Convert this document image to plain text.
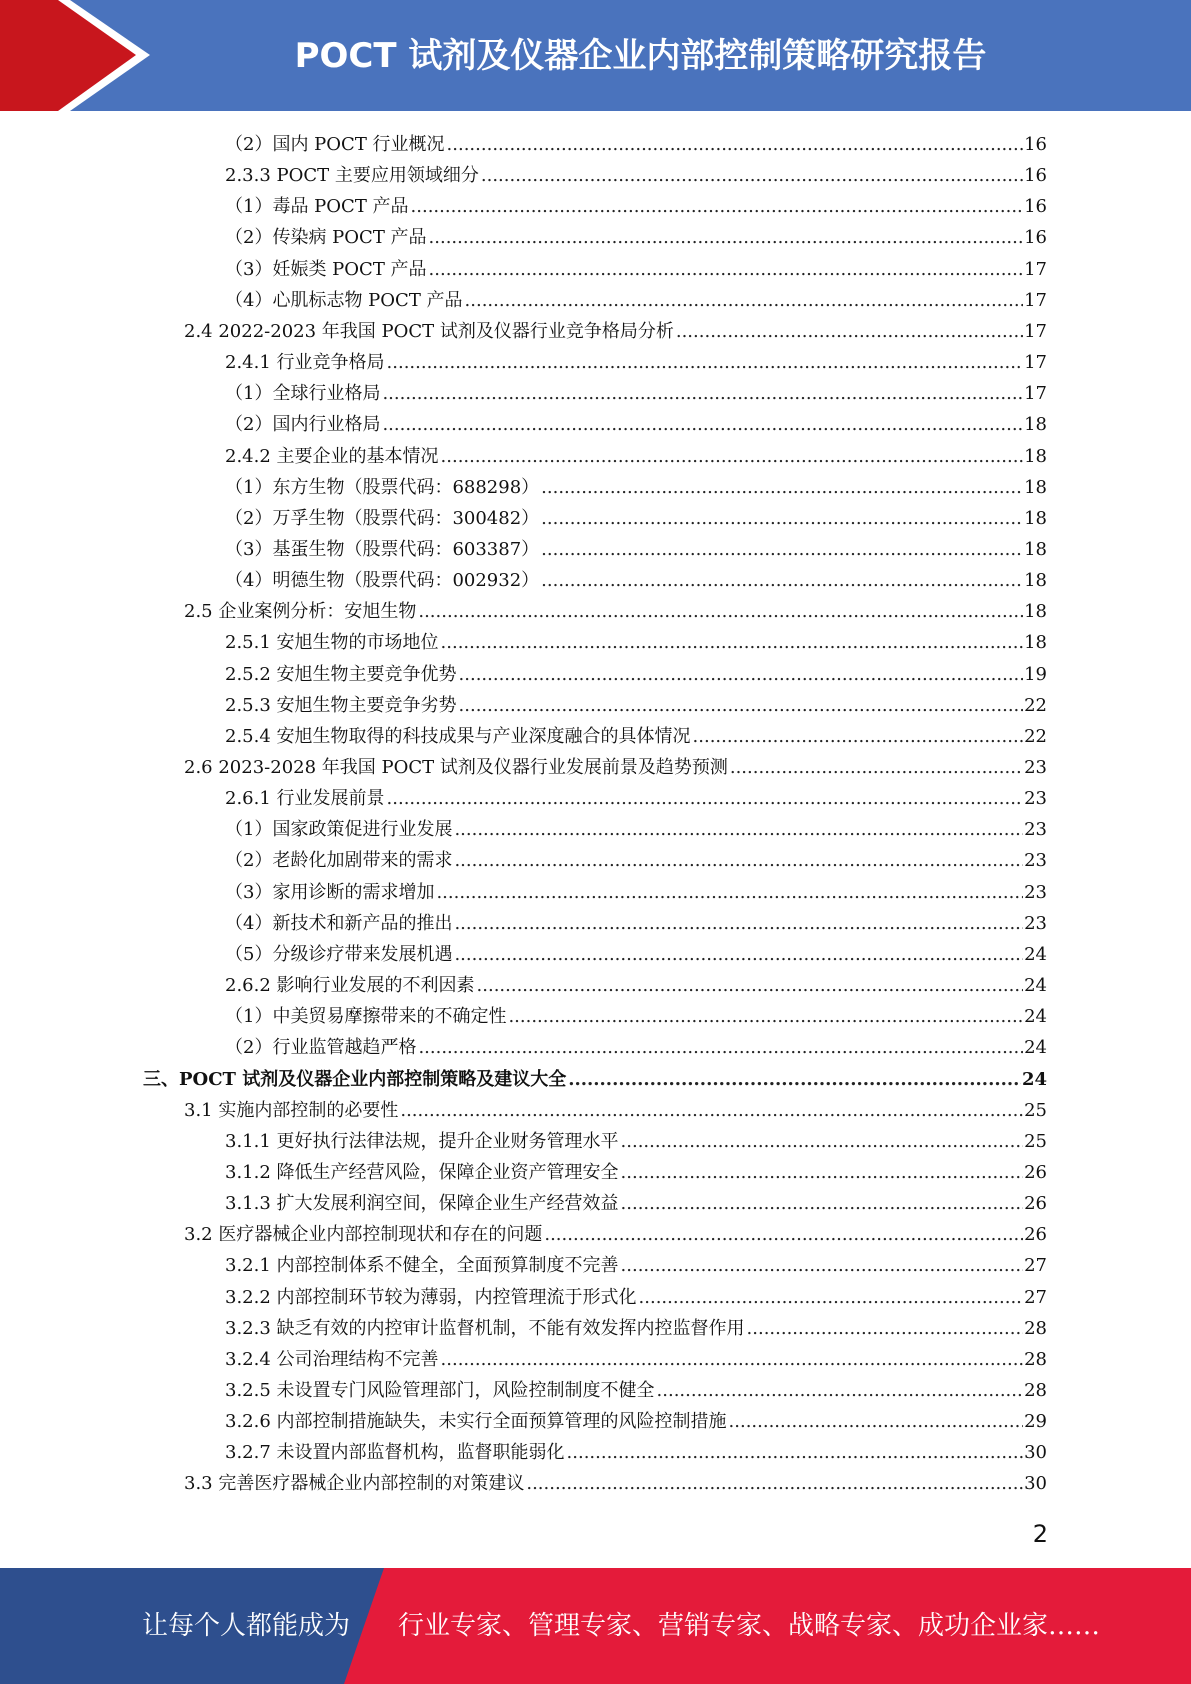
POCT 试剂及仪器企业内部控制策略研究报告
（2）国内 POCT 行业概况 .....	16
2.3.3 POCT 主要应用领域细分 .....	16
（1）毒品 POCT 产品 .....	16
（2）传染病 POCT 产品 .....	16
（3）妊娠类 POCT 产品 .....	17
（4）心肌标志物 POCT 产品 .....	17
2.4 2022-2023 年我国 POCT 试剂及仪器行业竞争格局分析 .....	17
2.4.1 行业竞争格局 .....	17
（1）全球行业格局 .....	17
（2）国内行业格局 .....	18
2.4.2 主要企业的基本情况 .....	18
（1）东方生物（股票代码：688298） .....	18
（2）万孚生物（股票代码：300482） .....	18
（3）基蛋生物（股票代码：603387） .....	18
（4）明德生物（股票代码：002932） .....	18
2.5 企业案例分析：安旭生物 .....	18
2.5.1 安旭生物的市场地位 .....	18
2.5.2 安旭生物主要竞争优势 .....	19
2.5.3 安旭生物主要竞争劣势 .....	22
2.5.4 安旭生物取得的科技成果与产业深度融合的具体情况 .....	22
2.6 2023-2028 年我国 POCT 试剂及仪器行业发展前景及趋势预测 .....	23
2.6.1 行业发展前景 .....	23
（1）国家政策促进行业发展 .....	23
（2）老龄化加剧带来的需求 .....	23
（3）家用诊断的需求增加 .....	23
（4）新技术和新产品的推出 .....	23
（5）分级诊疗带来发展机遇 .....	24
2.6.2 影响行业发展的不利因素 .....	24
（1）中美贸易摩擦带来的不确定性 .....	24
（2）行业监管越趋严格 .....	24
三、POCT 试剂及仪器企业内部控制策略及建议大全 .....	24
3.1 实施内部控制的必要性 .....	25
3.1.1 更好执行法律法规，提升企业财务管理水平 .....	25
3.1.2 降低生产经营风险，保障企业资产管理安全 .....	26
3.1.3 扩大发展利润空间，保障企业生产经营效益 .....	26
3.2 医疗器械企业内部控制现状和存在的问题 .....	26
3.2.1 内部控制体系不健全，全面预算制度不完善 .....	27
3.2.2 内部控制环节较为薄弱，内控管理流于形式化 .....	27
3.2.3 缺乏有效的内控审计监督机制，不能有效发挥内控监督作用 .....	28
3.2.4 公司治理结构不完善 .....	28
3.2.5 未设置专门风险管理部门，风险控制制度不健全 .....	28
3.2.6 内部控制措施缺失，未实行全面预算管理的风险控制措施 .....	29
3.2.7 未设置内部监督机构，监督职能弱化 .....	30
3.3 完善医疗器械企业内部控制的对策建议 .....	30
2
让每个人都能成为 行业专家、管理专家、营销专家、战略专家、成功企业家……
